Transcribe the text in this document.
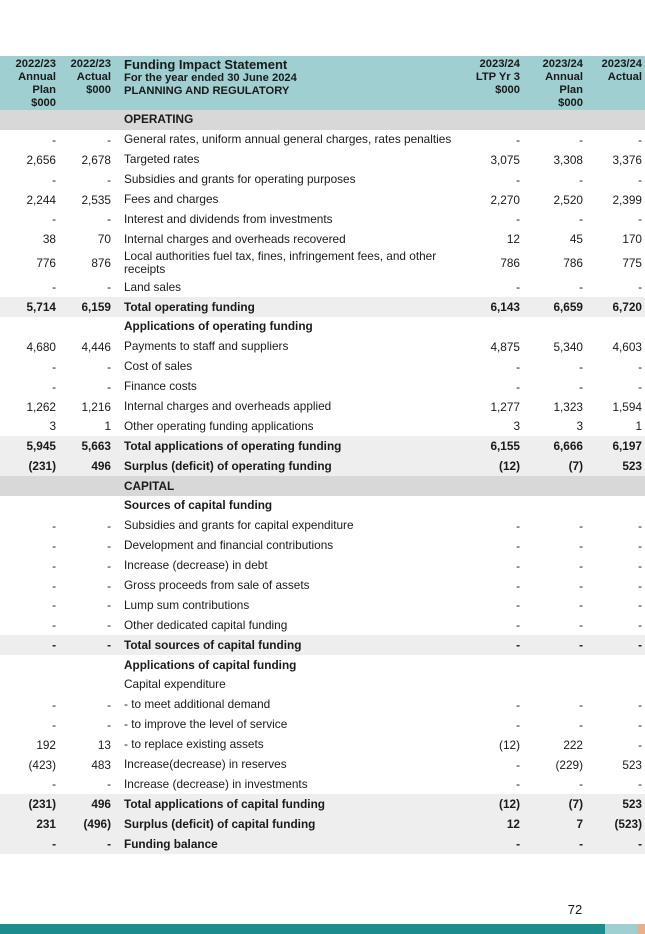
2022/23
Annual
Plan
$000
2022/23
Actual
$000
Funding Impact Statement
For the year ended 30 June 2024
PLANNING AND REGULATORY
2023/24
LTP Yr 3
$000
2023/24
Annual
Plan
$000
2023/24
Actual
OPERATING
General rates, uniform annual general charges, rates penalties
-	-	-	-	-
Targeted rates
2,656	2,678	3,075	3,308	3,376
Subsidies and grants for operating purposes
-	-	-	-	-
Fees and charges
2,244	2,535	2,270	2,520	2,399
Interest and dividends from investments
-	-	-	-	-
Internal charges and overheads recovered
38	70	12	45	170
Local authorities fuel tax, fines, infringement fees, and other receipts
776	876	786	786	775
Land sales
-	-	-	-	-
Total operating funding
5,714	6,159	6,143	6,659	6,720
Applications of operating funding
Payments to staff and suppliers
4,680	4,446	4,875	5,340	4,603
Cost of sales
-	-	-	-	-
Finance costs
-	-	-	-	-
Internal charges and overheads applied
1,262	1,216	1,277	1,323	1,594
Other operating funding applications
3	1	3	3	1
Total applications of operating funding
5,945	5,663	6,155	6,666	6,197
Surplus (deficit) of operating funding
(231)	496	(12)	(7)	523
CAPITAL
Sources of capital funding
Subsidies and grants for capital expenditure
-	-	-	-	-
Development and financial contributions
-	-	-	-	-
Increase (decrease) in debt
-	-	-	-	-
Gross proceeds from sale of assets
-	-	-	-	-
Lump sum contributions
-	-	-	-	-
Other dedicated capital funding
-	-	-	-	-
Total sources of capital funding
-	-	-	-	-
Applications of capital funding
Capital expenditure
- to meet additional demand
-	-	-	-	-
- to improve the level of service
-	-	-	-	-
- to replace existing assets
192	13	(12)	222	-
Increase(decrease) in reserves
(423)	483	-	(229)	523
Increase (decrease) in investments
-	-	-	-	-
Total applications of capital funding
(231)	496	(12)	(7)	523
Surplus (deficit) of capital funding
231	(496)	12	7	(523)
Funding balance
-	-	-	-	-
72
